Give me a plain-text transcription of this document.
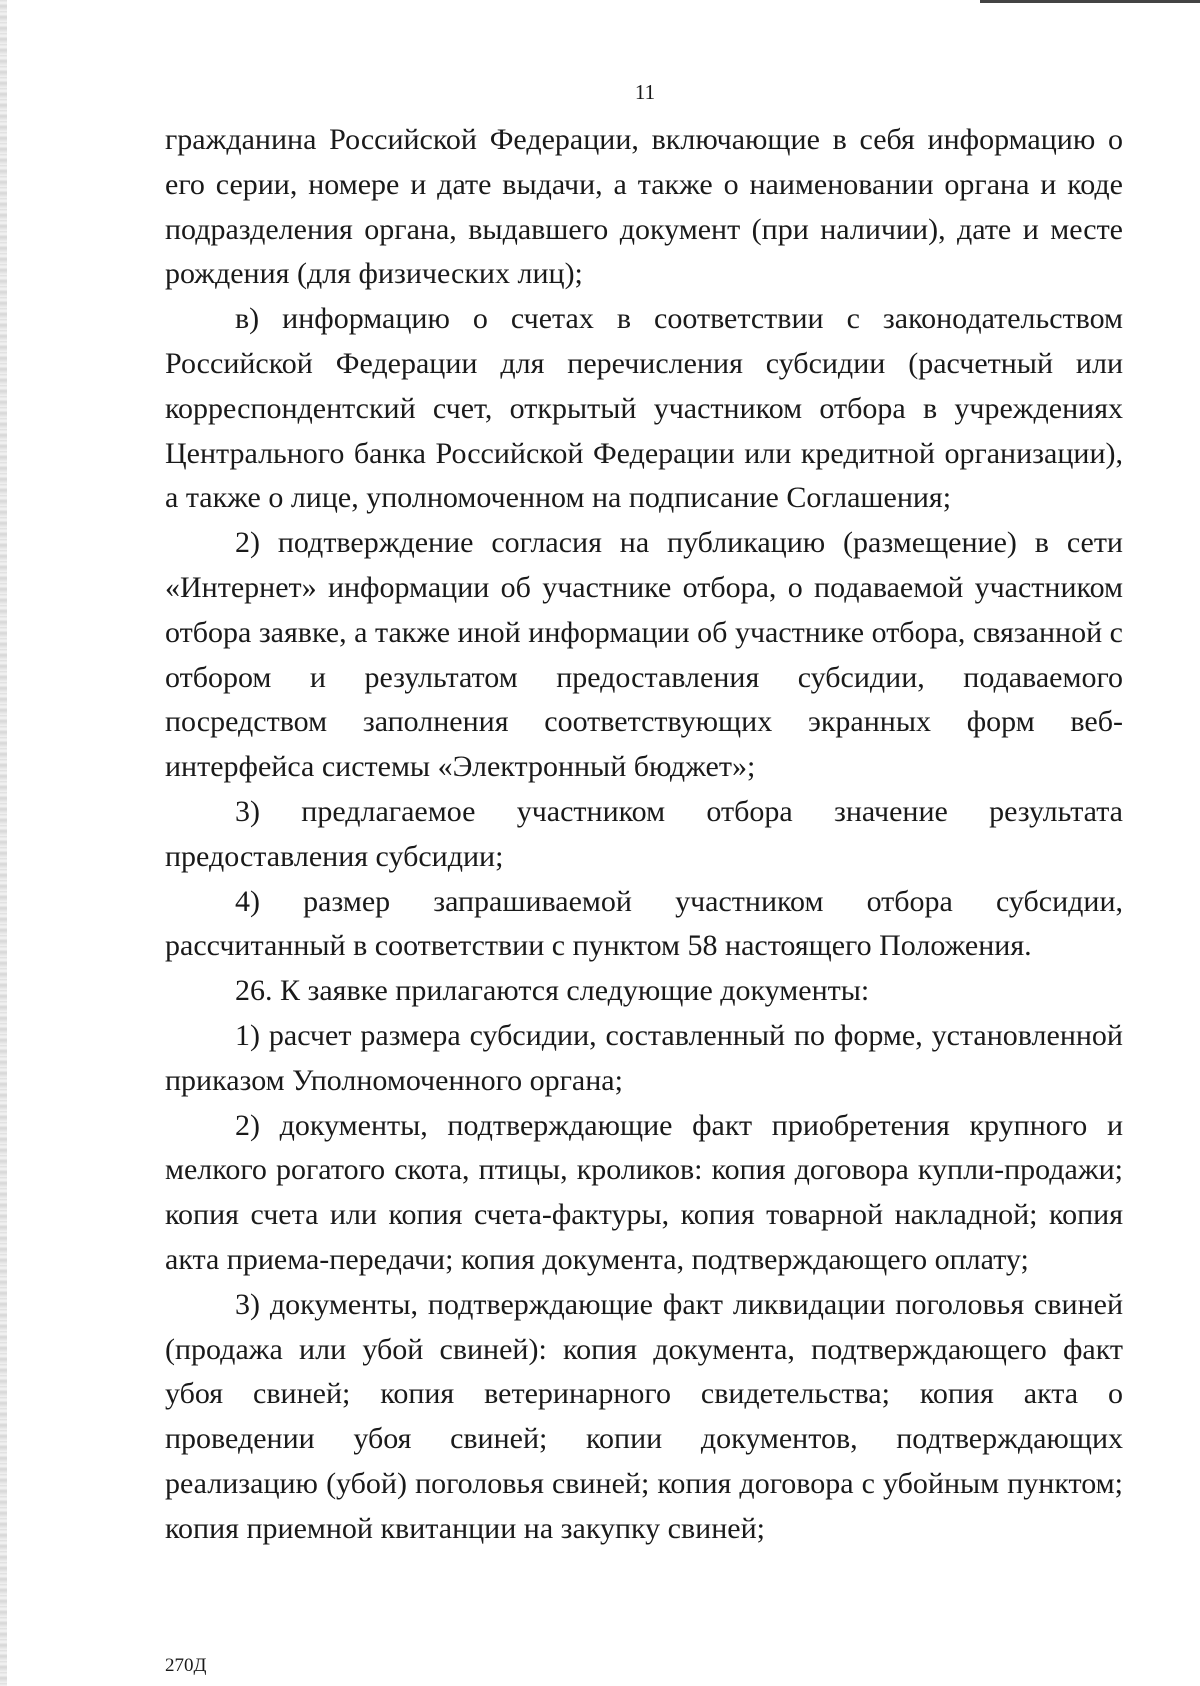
11

гражданина Российской Федерации, включающие в себя информацию о его серии, номере и дате выдачи, а также о наименовании органа и коде подразделения органа, выдавшего документ (при наличии), дате и месте рождения (для физических лиц);

в) информацию о счетах в соответствии с законодательством Российской Федерации для перечисления субсидии (расчетный или корреспондентский счет, открытый участником отбора в учреждениях Центрального банка Российской Федерации или кредитной организации), а также о лице, уполномоченном на подписание Соглашения;

2) подтверждение согласия на публикацию (размещение) в сети «Интернет» информации об участнике отбора, о подаваемой участником отбора заявке, а также иной информации об участнике отбора, связанной с отбором и результатом предоставления субсидии, подаваемого посредством заполнения соответствующих экранных форм веб-интерфейса системы «Электронный бюджет»;

3) предлагаемое участником отбора значение результата предоставления субсидии;

4) размер запрашиваемой участником отбора субсидии, рассчитанный в соответствии с пунктом 58 настоящего Положения.

26. К заявке прилагаются следующие документы:

1) расчет размера субсидии, составленный по форме, установленной приказом Уполномоченного органа;

2) документы, подтверждающие факт приобретения крупного и мелкого рогатого скота, птицы, кроликов: копия договора купли-продажи; копия счета или копия счета-фактуры, копия товарной накладной; копия акта приема-передачи; копия документа, подтверждающего оплату;

3) документы, подтверждающие факт ликвидации поголовья свиней (продажа или убой свиней): копия документа, подтверждающего факт убоя свиней; копия ветеринарного свидетельства; копия акта о проведении убоя свиней; копии документов, подтверждающих реализацию (убой) поголовья свиней; копия договора с убойным пунктом; копия приемной квитанции на закупку свиней;

270Д
